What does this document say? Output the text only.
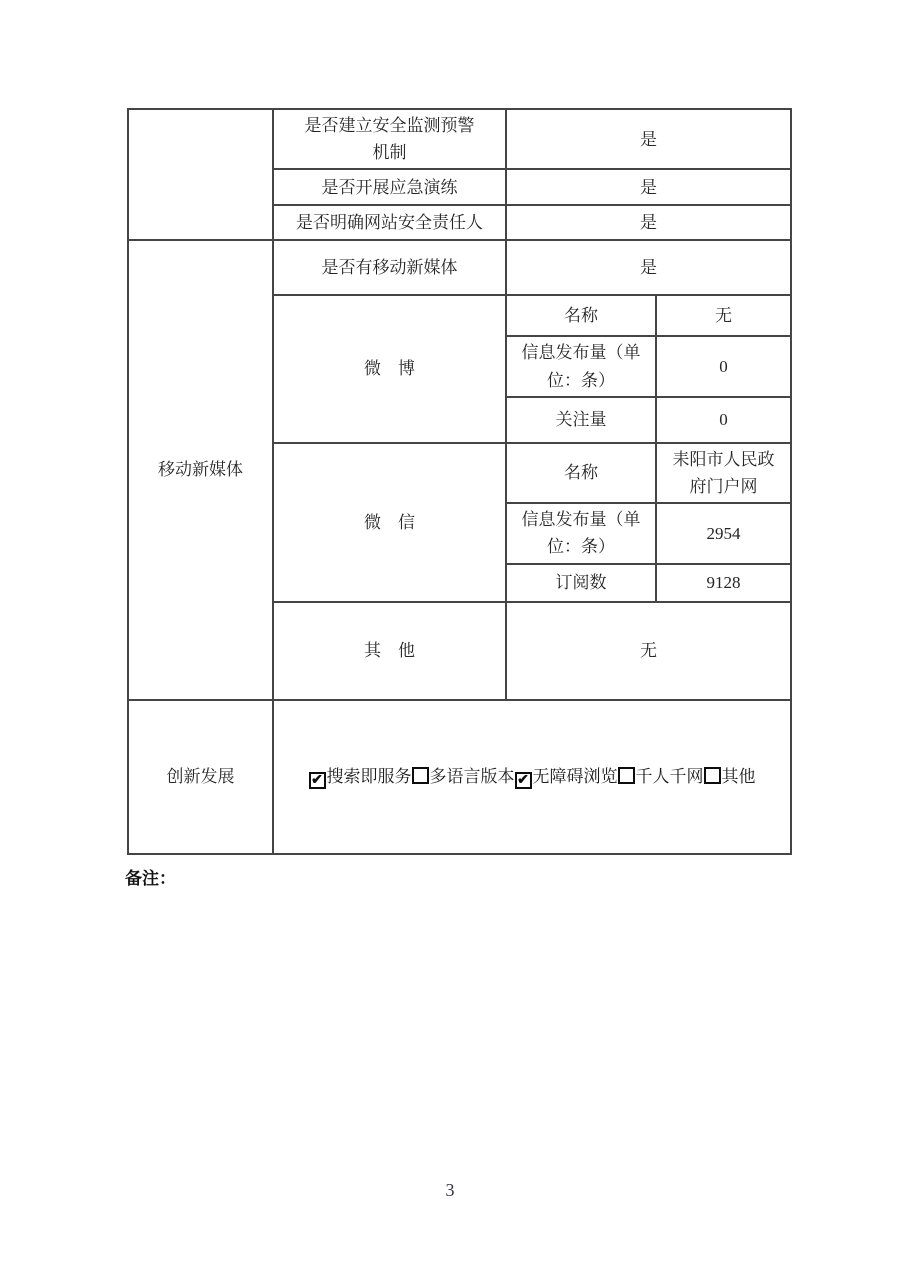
	是否建立安全监测预警机制	是	
	是否开展应急演练	是	
	是否明确网站安全责任人	是	
移动新媒体	是否有移动新媒体	是	
	微　博	名称	无
		信息发布量（单位：条）	0
		关注量	0
	微　信	名称	耒阳市人民政府门户网
		信息发布量（单位：条）	2954
		订阅数	9128
	其　他	无	
创新发展	✔搜索即服务 多语言版本 ✔ 无障碍浏览 千人千网 其他
备注：
3
